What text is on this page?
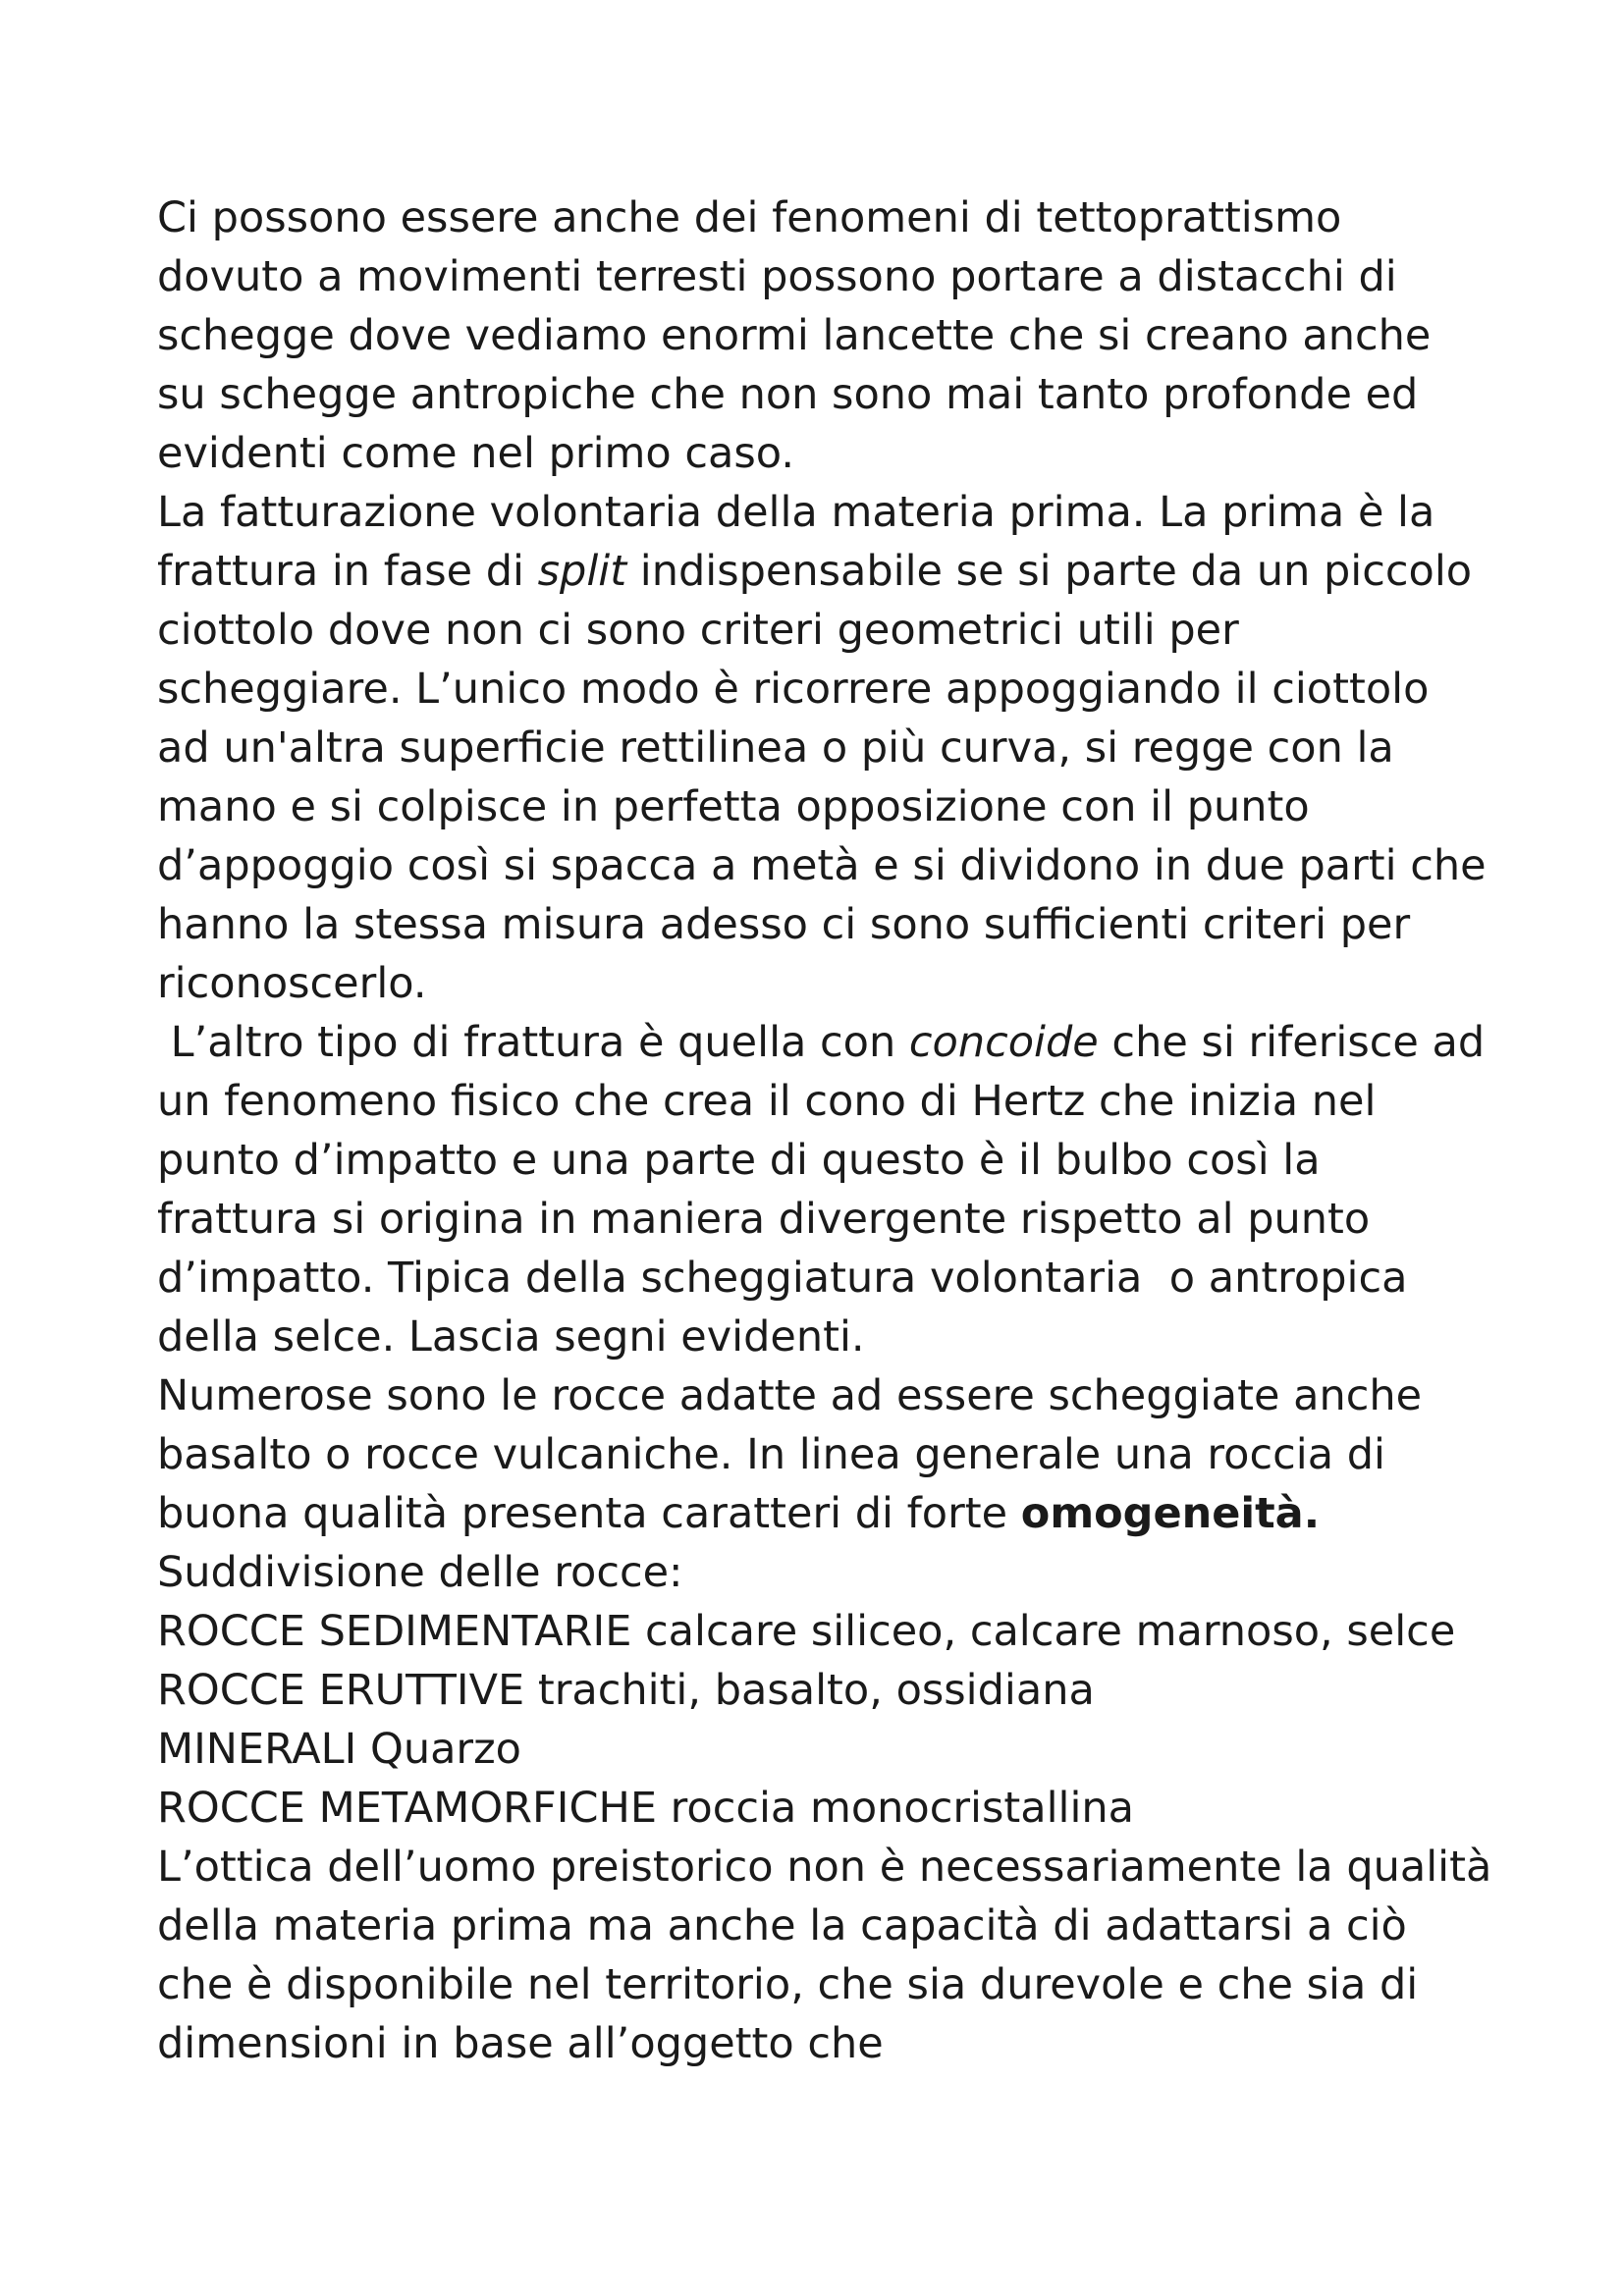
Ci possono essere anche dei fenomeni di tettoprattismo dovuto a movimenti terresti possono portare a distacchi di schegge dove vediamo enormi lancette che si creano anche su schegge antropiche che non sono mai tanto profonde ed evidenti come nel primo caso.

La fatturazione volontaria della materia prima. La prima è la frattura in fase di split indispensabile se si parte da un piccolo ciottolo dove non ci sono criteri geometrici utili per scheggiare. L’unico modo è ricorrere appoggiando il ciottolo ad un'altra superficie rettilinea o più curva, si regge con la mano e si colpisce in perfetta opposizione con il punto d’appoggio così si spacca a metà e si dividono in due parti che hanno la stessa misura adesso ci sono sufficienti criteri per riconoscerlo.

L’altro tipo di frattura è quella con concoide che si riferisce ad un fenomeno fisico che crea il cono di Hertz che inizia nel punto d’impatto e una parte di questo è il bulbo così la frattura si origina in maniera divergente rispetto al punto d’impatto. Tipica della scheggiatura volontaria  o antropica della selce. Lascia segni evidenti.

Numerose sono le rocce adatte ad essere scheggiate anche basalto o rocce vulcaniche. In linea generale una roccia di buona qualità presenta caratteri di forte omogeneità.

Suddivisione delle rocce:

ROCCE SEDIMENTARIE calcare siliceo, calcare marnoso, selce

ROCCE ERUTTIVE trachiti, basalto, ossidiana

MINERALI Quarzo

ROCCE METAMORFICHE roccia monocristallina

L’ottica dell’uomo preistorico non è necessariamente la qualità della materia prima ma anche la capacità di adattarsi a ciò che è disponibile nel territorio, che sia durevole e che sia di dimensioni in base all’oggetto che
